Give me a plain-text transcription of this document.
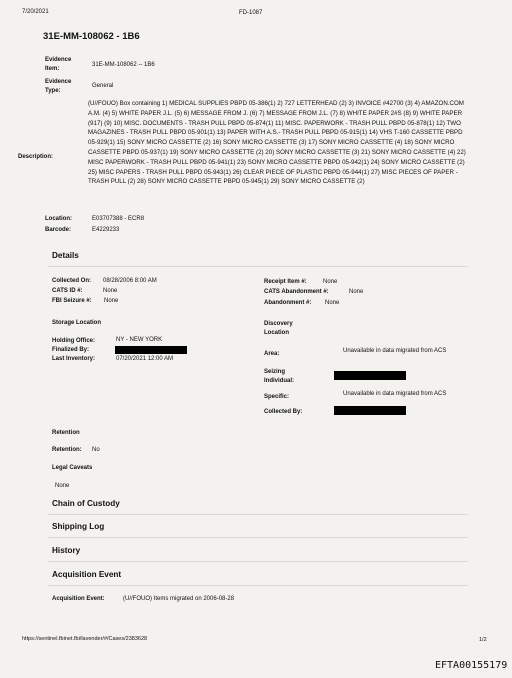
7/20/2021	FD-1087
31E-MM-108062 - 1B6
Evidence Item:
31E-MM-108062 -- 1B6
Evidence Type:
General
Description:
(U//FOUO) Box containing 1) MEDICAL SUPPLIES PBPD 05-386(1) 2) 727 LETTERHEAD (2) 3) INVOICE #42700 (3) 4) AMAZON.COM A.M. (4) 5) WHITE PAPER J.L. (5) 6) MESSAGE FROM J. (6) 7) MESSAGE FROM J.L. (7) 8) WHITE PAPER 2#S (8) 9) WHITE PAPER (917) (9) 10) MISC. DOCUMENTS - TRASH PULL PBPD 05-874(1) 11) MISC. PAPERWORK - TRASH PULL PBPD 05-878(1) 12) TWO MAGAZINES - TRASH PULL PBPD 05-901(1) 13) PAPER WITH A.S.- TRASH PULL PBPD 05-915(1) 14) VHS T-160 CASSETTE PBPD 05-929(1) 15) SONY MICRO CASSETTE (2) 16) SONY MICRO CASSETTE (3) 17) SONY MICRO CASSETTE (4) 18) SONY MICRO CASSETTE PBPD 05-937(1) 19) SONY MICRO CASSETTE (2) 20) SONY MICRO CASSETTE (3) 21) SONY MICRO CASSETTE (4) 22) MISC PAPERWORK - TRASH PULL PBPD 05-941(1) 23) SONY MICRO CASSETTE PBPD 05-942(1) 24) SONY MICRO CASSETTE (2) 25) MISC PAPERS - TRASH PULL PBPD 05-943(1) 26) CLEAR PIECE OF PLASTIC PBPD 05-944(1) 27) MISC PIECES OF PAPER - TRASH PULL (2) 28) SONY MICRO CASSETTE PBPD 05-945(1) 29) SONY MICRO CASSETTE (2)
Location:	E03707388 - ECR8
Barcode:	E4229233
Details
Collected On: 08/28/2006 8:00 AM
CATS ID #:	None
FBI Seizure #: None
Receipt Item #:	None
CATS Abandonment #:	None
Abandonment #: None
Storage Location
Holding Office:	NY - NEW YORK
Finalized By:
Last Inventory:	07/20/2021 12:00 AM
Discovery Location
Area:	Unavailable in data migrated from ACS
Seizing Individual:
Specific:	Unavailable in data migrated from ACS
Collected By:
Retention
Retention: No
Legal Caveats
None
Chain of Custody
Shipping Log
History
Acquisition Event
Acquisition Event:	(U//FOUO) Items migrated on 2006-08-28
https://sentinel.fbinet.fbi/lavender/#/Cases/2383628	1/2
EFTA00155179
